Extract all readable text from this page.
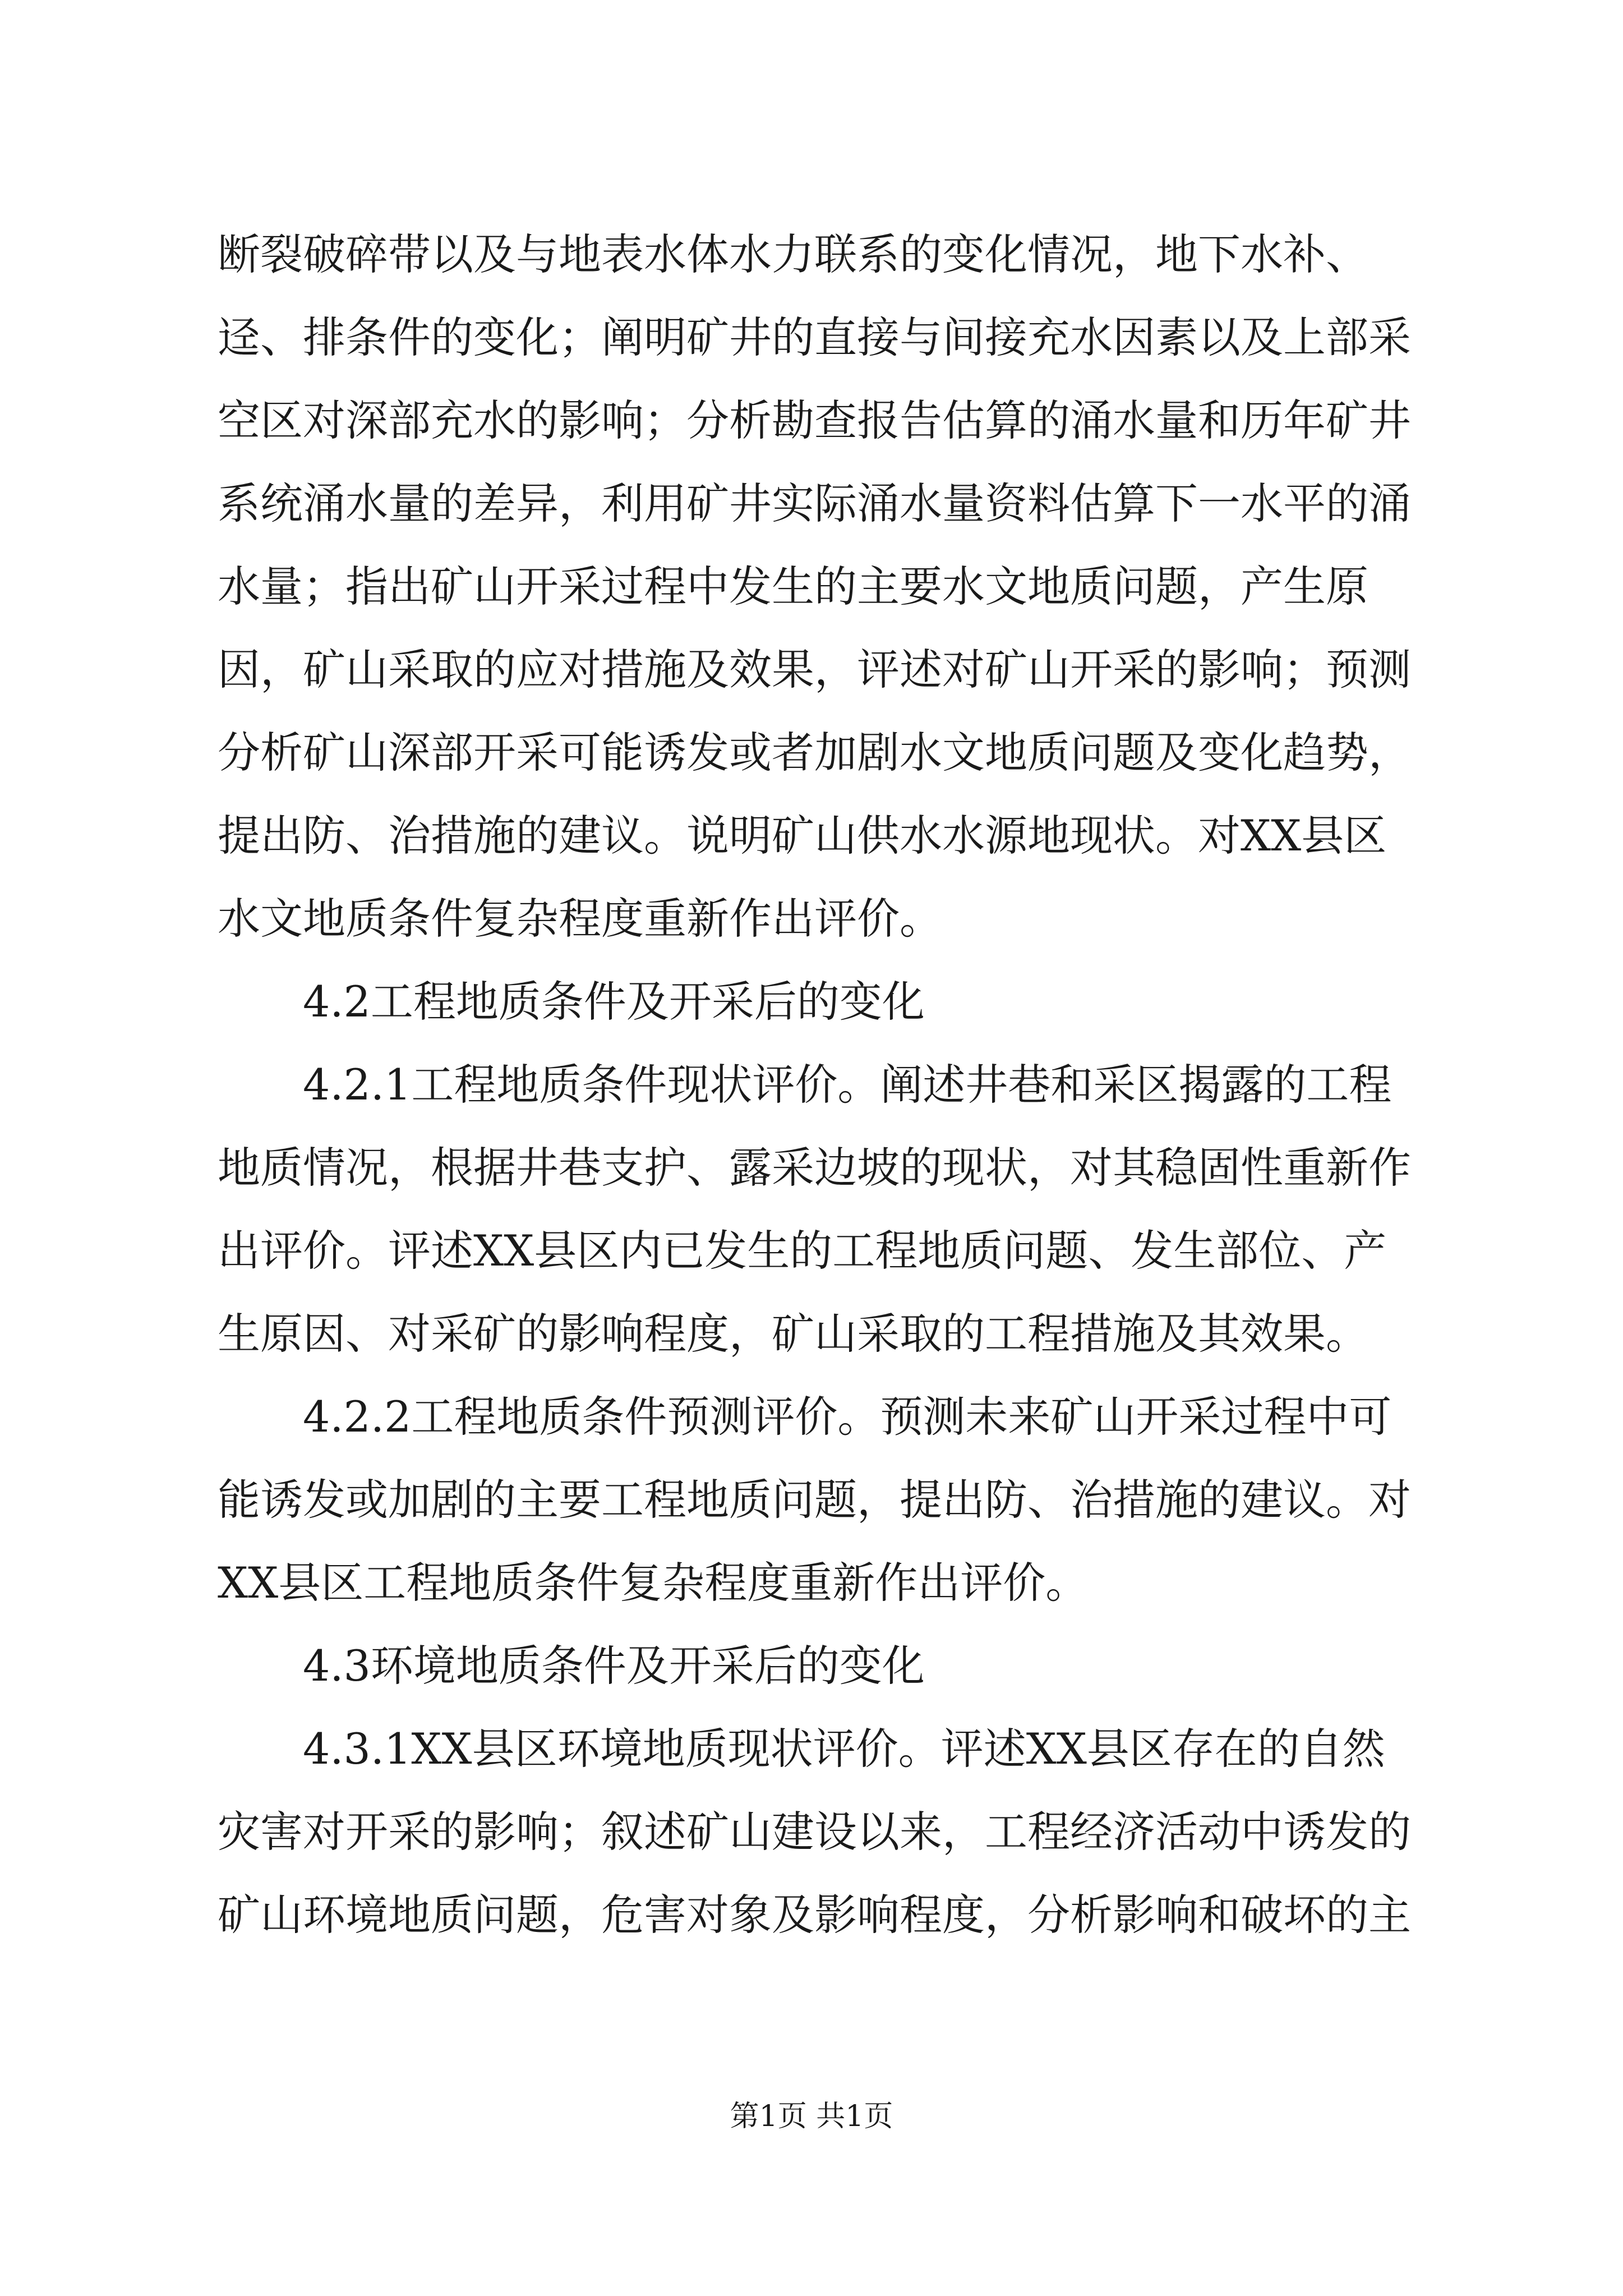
断裂破碎带以及与地表水体水力联系的变化情况，地下水补、迳、排条件的变化；阐明矿井的直接与间接充水因素以及上部采空区对深部充水的影响；分析勘查报告估算的涌水量和历年矿井系统涌水量的差异，利用矿井实际涌水量资料估算下一水平的涌水量；指出矿山开采过程中发生的主要水文地质问题，产生原因，矿山采取的应对措施及效果，评述对矿山开采的影响；预测分析矿山深部开采可能诱发或者加剧水文地质问题及变化趋势，提出防、治措施的建议。说明矿山供水水源地现状。对XX县区水文地质条件复杂程度重新作出评价。
4.2工程地质条件及开采后的变化
4.2.1工程地质条件现状评价。阐述井巷和采区揭露的工程地质情况，根据井巷支护、露采边坡的现状，对其稳固性重新作出评价。评述XX县区内已发生的工程地质问题、发生部位、产生原因、对采矿的影响程度，矿山采取的工程措施及其效果。
4.2.2工程地质条件预测评价。预测未来矿山开采过程中可能诱发或加剧的主要工程地质问题，提出防、治措施的建议。对XX县区工程地质条件复杂程度重新作出评价。
4.3环境地质条件及开采后的变化
4.3.1XX县区环境地质现状评价。评述XX县区存在的自然灾害对开采的影响；叙述矿山建设以来，工程经济活动中诱发的矿山环境地质问题，危害对象及影响程度，分析影响和破坏的主
第1页 共1页
